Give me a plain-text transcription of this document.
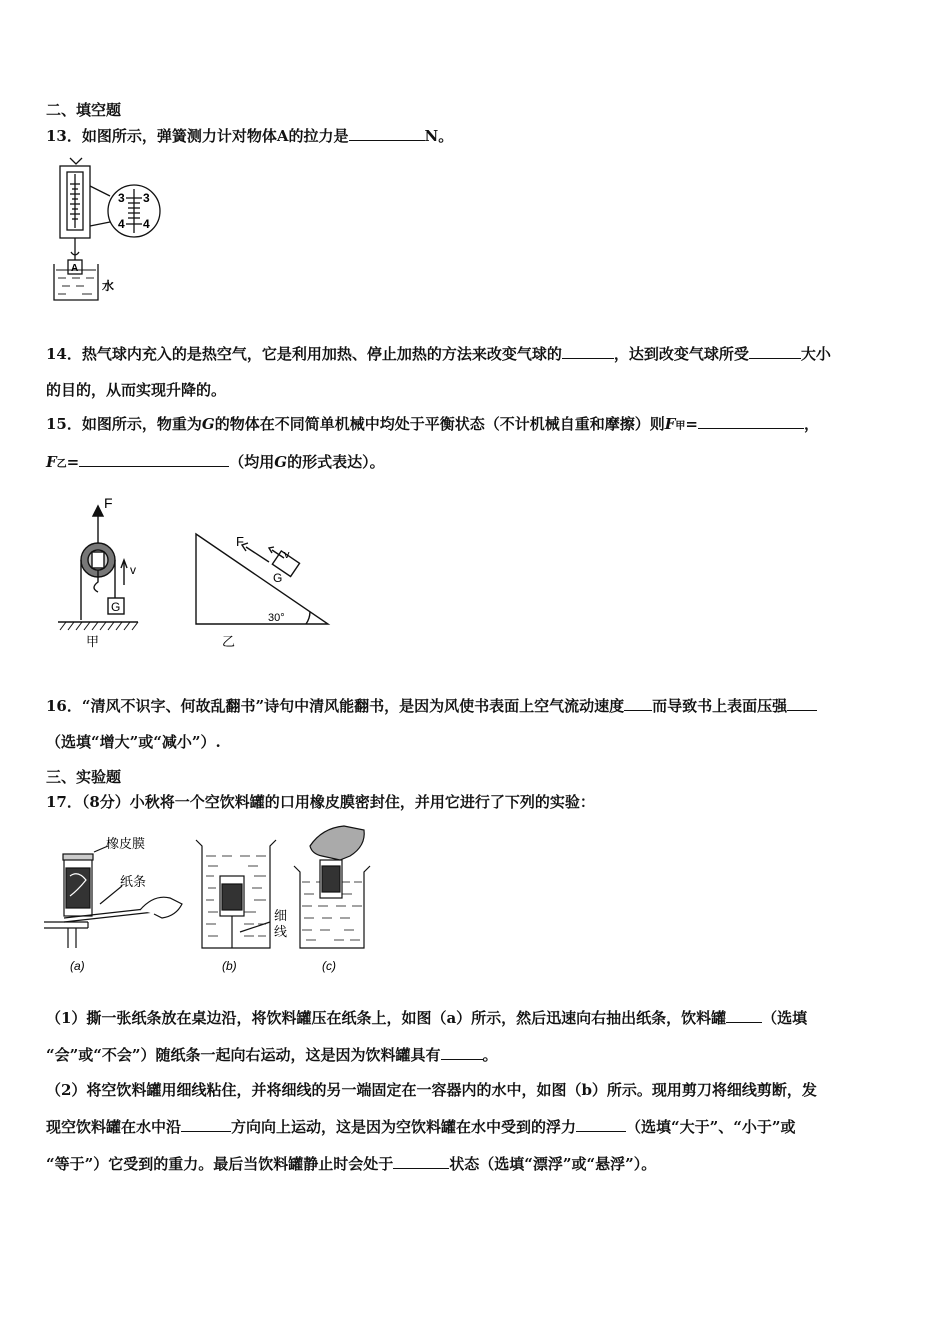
二、填空题
13．如图所示，弹簧测力计对物体A的拉力是	N。
3 3
4 4
A
水
14．热气球内充入的是热空气，它是利用加热、停止加热的方法来改变气球的	，达到改变气球所受	大小
的目的，从而实现升降的。
15．如图所示，物重为G的物体在不同简单机械中均处于平衡状态（不计机械自重和摩擦）则F甲=	，
F乙=	（均用G的形式表达）。
F
v
G
甲
F
v
G
30°
乙
16．“清风不识字、何故乱翻书”诗句中清风能翻书，是因为风使书表面上空气流动速度 而导致书上表面压强
（选填“增大”或“减小”）.
三、实验题
17．（8分）小秋将一个空饮料罐的口用橡皮膜密封住，并用它进行了下列的实验：
橡皮膜
纸条
(a)
细
线
(b)	(c)
（1）撕一张纸条放在桌边沿，将饮料罐压在纸条上，如图（a）所示，然后迅速向右抽出纸条，饮料罐 （选填
“会”或“不会”）随纸条一起向右运动，这是因为饮料罐具有	。
（2）将空饮料罐用细线粘住，并将细线的另一端固定在一容器内的水中，如图（b）所示。现用剪刀将细线剪断，发
现空饮料罐在水中沿	方向向上运动，这是因为空饮料罐在水中受到的浮力	（选填“大于”、“小于”或
“等于”）它受到的重力。最后当饮料罐静止时会处于	状态（选填“漂浮”或“悬浮”）。
